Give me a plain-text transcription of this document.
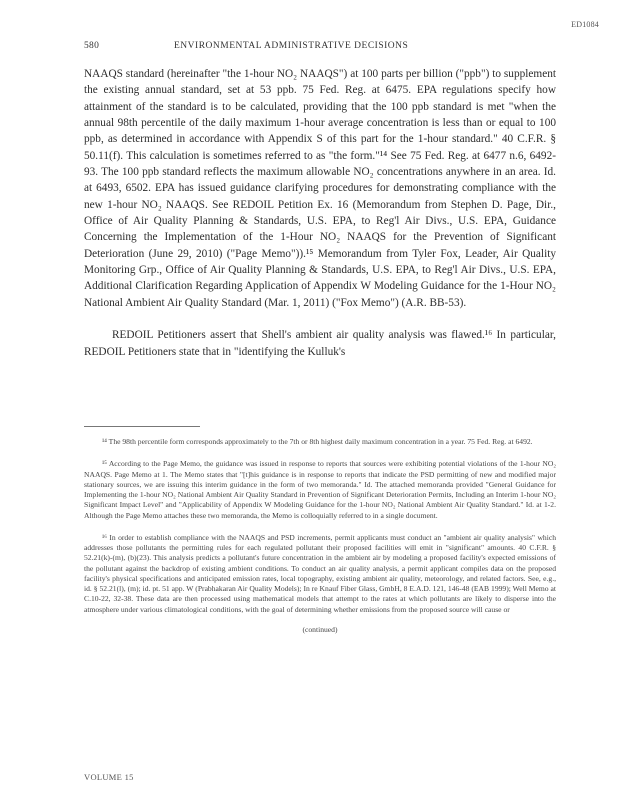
ED1084
580	ENVIRONMENTAL ADMINISTRATIVE DECISIONS

NAAQS standard (hereinafter "the 1-hour NO₂ NAAQS") at 100 parts per billion ("ppb") to supplement the existing annual standard, set at 53 ppb. 75 Fed. Reg. at 6475. EPA regulations specify how attainment of the standard is to be calculated, providing that the 100 ppb standard is met "when the annual 98th percentile of the daily maximum 1-hour average concentration is less than or equal to 100 ppb, as determined in accordance with Appendix S of this part for the 1-hour standard." 40 C.F.R. § 50.11(f). This calculation is sometimes referred to as "the form."¹⁴ See 75 Fed. Reg. at 6477 n.6, 6492-93. The 100 ppb standard reflects the maximum allowable NO₂ concentrations anywhere in an area. Id. at 6493, 6502. EPA has issued guidance clarifying procedures for demonstrating compliance with the new 1-hour NO₂ NAAQS. See REDOIL Petition Ex. 16 (Memorandum from Stephen D. Page, Dir., Office of Air Quality Planning & Standards, U.S. EPA, to Reg'l Air Divs., U.S. EPA, Guidance Concerning the Implementation of the 1-Hour NO₂ NAAQS for the Prevention of Significant Deterioration (June 29, 2010) ("Page Memo")).¹⁵ Memorandum from Tyler Fox, Leader, Air Quality Monitoring Grp., Office of Air Quality Planning & Standards, U.S. EPA, to Reg'l Air Divs., U.S. EPA, Additional Clarification Regarding Application of Appendix W Modeling Guidance for the 1-Hour NO₂ National Ambient Air Quality Standard (Mar. 1, 2011) ("Fox Memo") (A.R. BB-53).

REDOIL Petitioners assert that Shell's ambient air quality analysis was flawed.¹⁶ In particular, REDOIL Petitioners state that in "identifying the Kulluk's

¹⁴ The 98th percentile form corresponds approximately to the 7th or 8th highest daily maximum concentration in a year. 75 Fed. Reg. at 6492.

¹⁵ According to the Page Memo, the guidance was issued in response to reports that sources were exhibiting potential violations of the 1-hour NO₂ NAAQS. Page Memo at 1. The Memo states that "[t]his guidance is in response to reports that indicate the PSD permitting of new and modified major stationary sources, we are issuing this interim guidance in the form of two memoranda." Id. The attached memoranda provided "General Guidance for Implementing the 1-hour NO₂ National Ambient Air Quality Standard in Prevention of Significant Deterioration Permits, Including an Interim 1-hour NO₂ Significant Impact Level" and "Applicability of Appendix W Modeling Guidance for the 1-hour NO₂ National Ambient Air Quality Standard." Id. at 1-2. Although the Page Memo attaches these two memoranda, the Memo is colloquially referred to in a single document.

¹⁶ In order to establish compliance with the NAAQS and PSD increments, permit applicants must conduct an "ambient air quality analysis" which addresses those pollutants the permitting rules for each regulated pollutant their proposed facilities will emit in "significant" amounts. 40 C.F.R. § 52.21(k)-(m), (b)(23). This analysis predicts a pollutant's future concentration in the ambient air by modeling a proposed facility's expected emissions of the pollutant against the backdrop of existing ambient conditions. To conduct an air quality analysis, a permit applicant compiles data on the proposed facility's physical specifications and anticipated emission rates, local topography, existing ambient air quality, meteorology, and related factors. See, e.g., id. § 52.21(l), (m); id. pt. 51 app. W (Prabhakaran Air Quality Models); In re Knauf Fiber Glass, GmbH, 8 E.A.D. 121, 146-48 (EAB 1999); Well Memo at C.10-22, 32-38. These data are then processed using mathematical models that attempt to the rates at which pollutants are likely to disperse into the atmosphere under various climatological conditions, with the goal of determining whether emissions from the proposed source will cause or

(continued)

VOLUME 15
